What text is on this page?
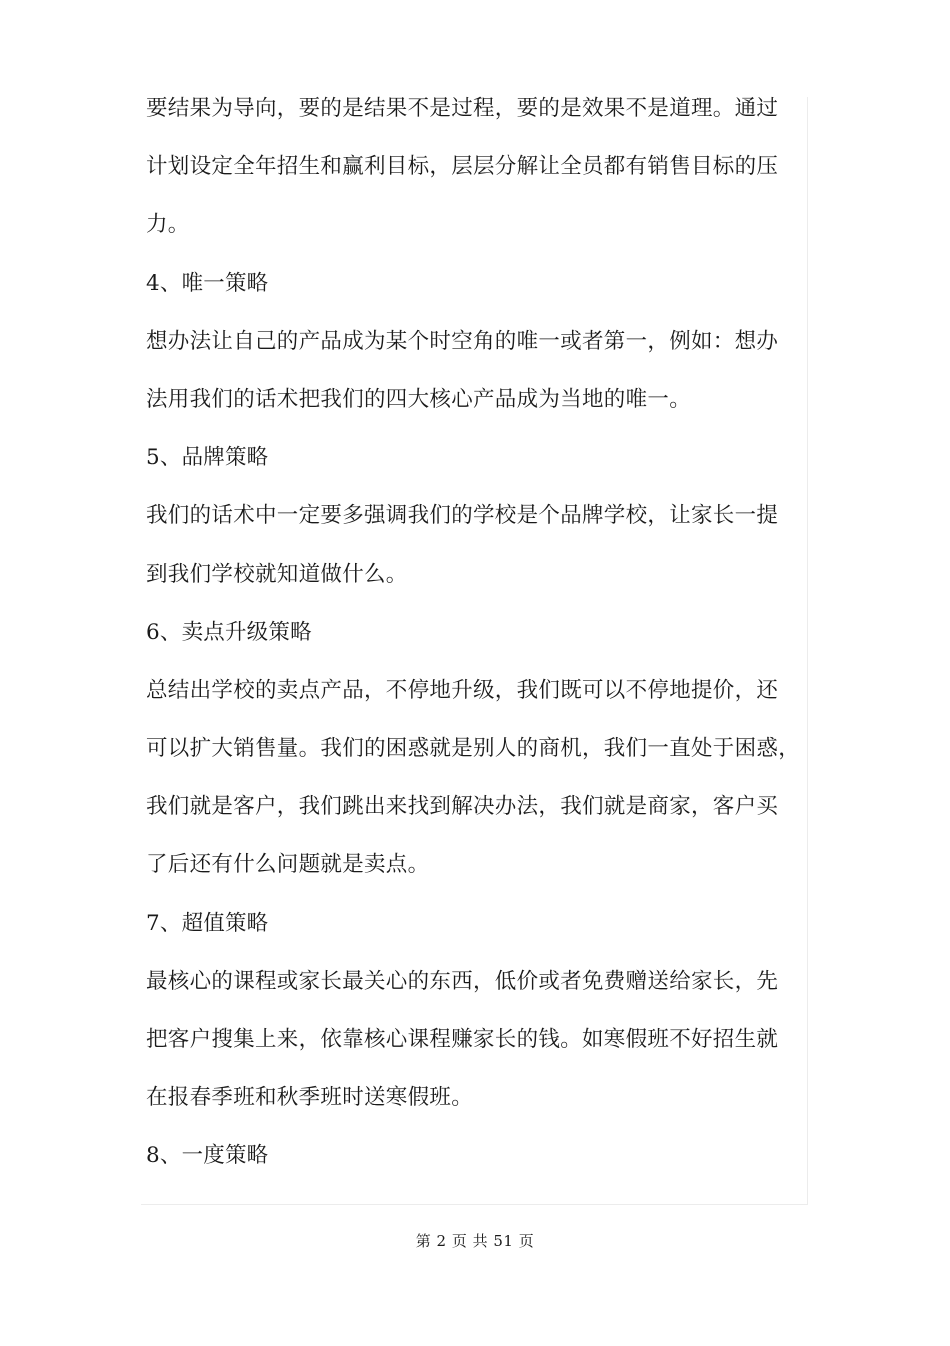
要结果为导向，要的是结果不是过程，要的是效果不是道理。通过
计划设定全年招生和赢利目标，层层分解让全员都有销售目标的压
力。
4、唯一策略
想办法让自己的产品成为某个时空角的唯一或者第一，例如：想办
法用我们的话术把我们的四大核心产品成为当地的唯一。
5、品牌策略
我们的话术中一定要多强调我们的学校是个品牌学校，让家长一提
到我们学校就知道做什么。
6、卖点升级策略
总结出学校的卖点产品，不停地升级，我们既可以不停地提价，还
可以扩大销售量。我们的困惑就是别人的商机，我们一直处于困惑，
我们就是客户，我们跳出来找到解决办法，我们就是商家，客户买
了后还有什么问题就是卖点。
7、超值策略
最核心的课程或家长最关心的东西，低价或者免费赠送给家长，先
把客户搜集上来，依靠核心课程赚家长的钱。如寒假班不好招生就
在报春季班和秋季班时送寒假班。
8、一度策略
第 2 页 共 51 页
